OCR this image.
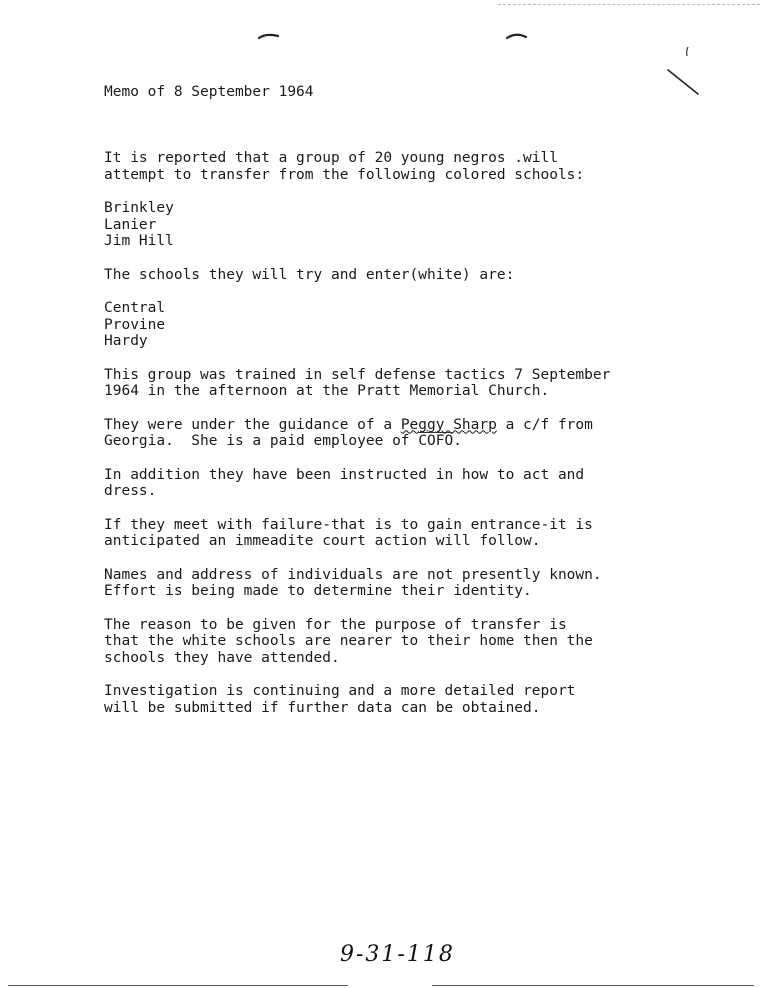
Memo of 8 September 1964

It is reported that a group of 20 young negros .will
attempt to transfer from the following colored schools:

Brinkley
Lanier
Jim Hill

The schools they will try and enter(white) are:

Central
Provine
Hardy

This group was trained in self defense tactics 7 September
1964 in the afternoon at the Pratt Memorial Church.

They were under the guidance of a Peggy Sharp a c/f from
Georgia.  She is a paid employee of COFO.

In addition they have been instructed in how to act and
dress.

If they meet with failure-that is to gain entrance-it is
anticipated an immeadite court action will follow.

Names and address of individuals are not presently known.
Effort is being made to determine their identity.

The reason to be given for the purpose of transfer is
that the white schools are nearer to their home then the
schools they have attended.

Investigation is continuing and a more detailed report
will be submitted if further data can be obtained.

9-31-118
